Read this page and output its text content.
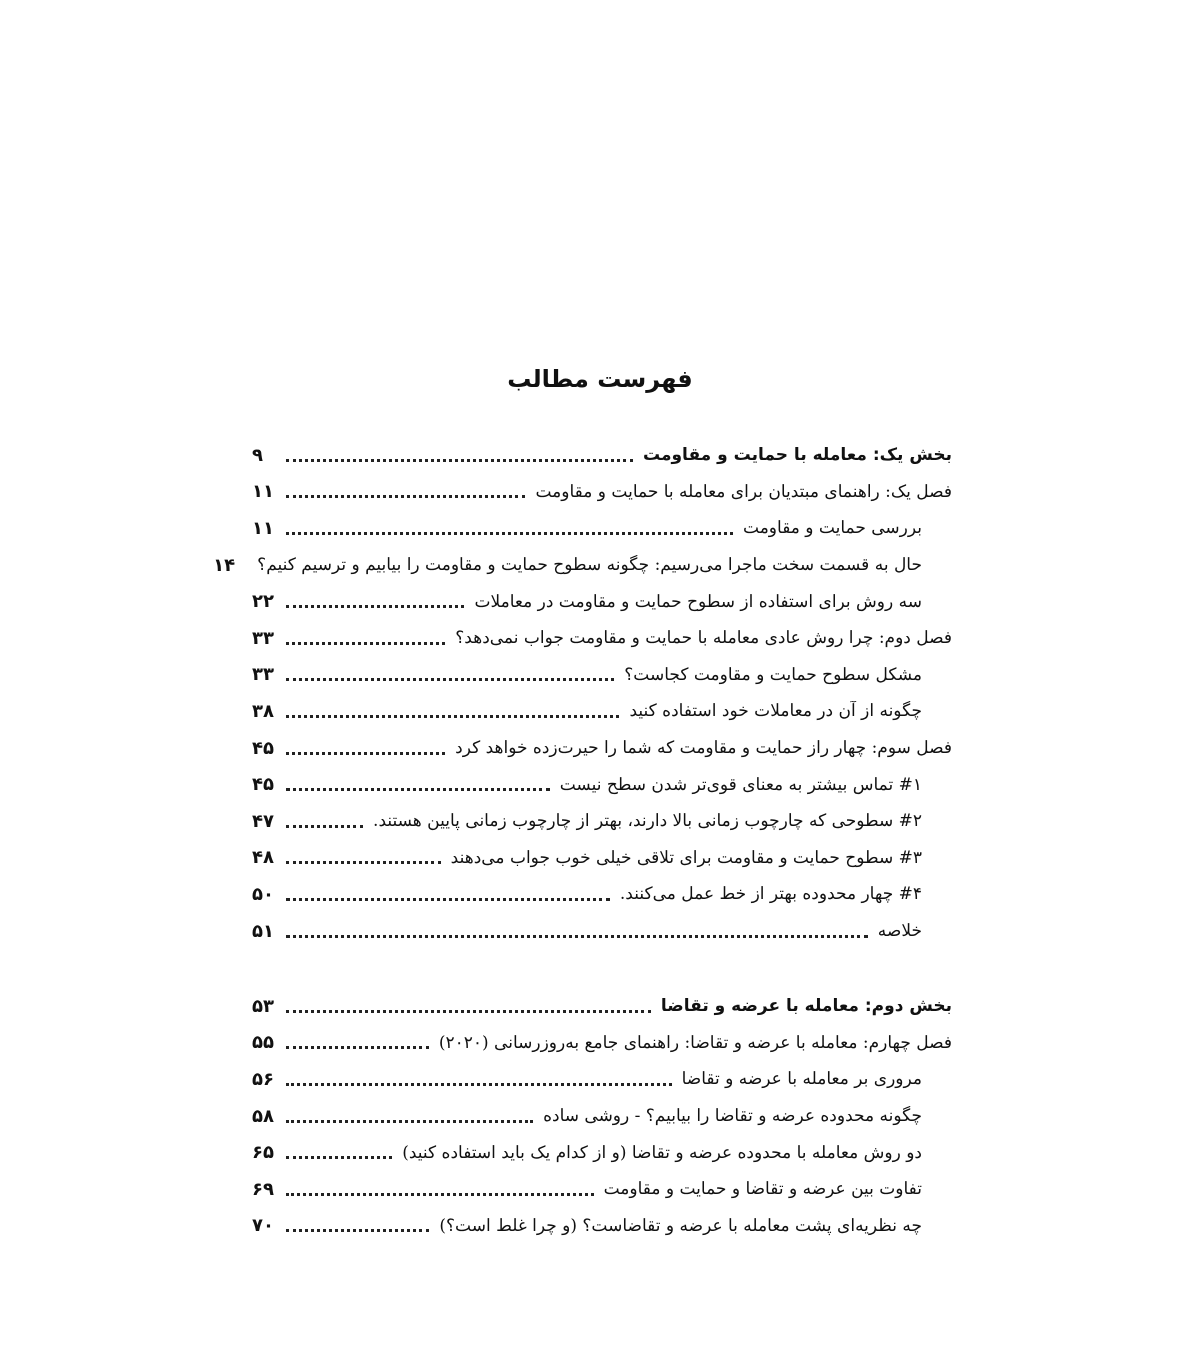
فهرست مطالب
بخش یک: معامله با حمایت و مقاومت
۹
فصل یک: راهنمای مبتدیان برای معامله با حمایت و مقاومت
۱۱
بررسی حمایت و مقاومت
۱۱
حال به قسمت سخت ماجرا می‌رسیم: چگونه سطوح حمایت و مقاومت را بیابیم و ترسیم کنیم؟
۱۴
سه روش برای استفاده از سطوح حمایت و مقاومت در معاملات
۲۲
فصل دوم: چرا روش عادی معامله با حمایت و مقاومت جواب نمی‌دهد؟
۳۳
مشکل سطوح حمایت و مقاومت کجاست؟
۳۳
چگونه از آن در معاملات خود استفاده کنید
۳۸
فصل سوم: چهار راز حمایت و مقاومت که شما را حیرت‌زده خواهد کرد
۴۵
#۱ تماس بیشتر به معنای قوی‌تر شدن سطح نیست
۴۵
#۲ سطوحی که چارچوب زمانی بالا دارند، بهتر از چارچوب زمانی پایین هستند.
۴۷
#۳ سطوح حمایت و مقاومت برای تلاقی خیلی خوب جواب می‌دهند
۴۸
#۴ چهار محدوده بهتر از خط عمل می‌کنند.
۵۰
خلاصه
۵۱
بخش دوم: معامله با عرضه و تقاضا
۵۳
فصل چهارم: معامله با عرضه و تقاضا: راهنمای جامع به‌روزرسانی (۲۰۲۰)
۵۵
مروری بر معامله با عرضه و تقاضا
۵۶
چگونه محدوده عرضه و تقاضا را بیابیم؟ - روشی ساده
۵۸
دو روش معامله با محدوده عرضه و تقاضا (و از کدام یک باید استفاده کنید)
۶۵
تفاوت بین عرضه و تقاضا و حمایت و مقاومت
۶۹
چه نظریه‌ای پشت معامله با عرضه و تقاضاست؟ (و چرا غلط است؟)
۷۰
